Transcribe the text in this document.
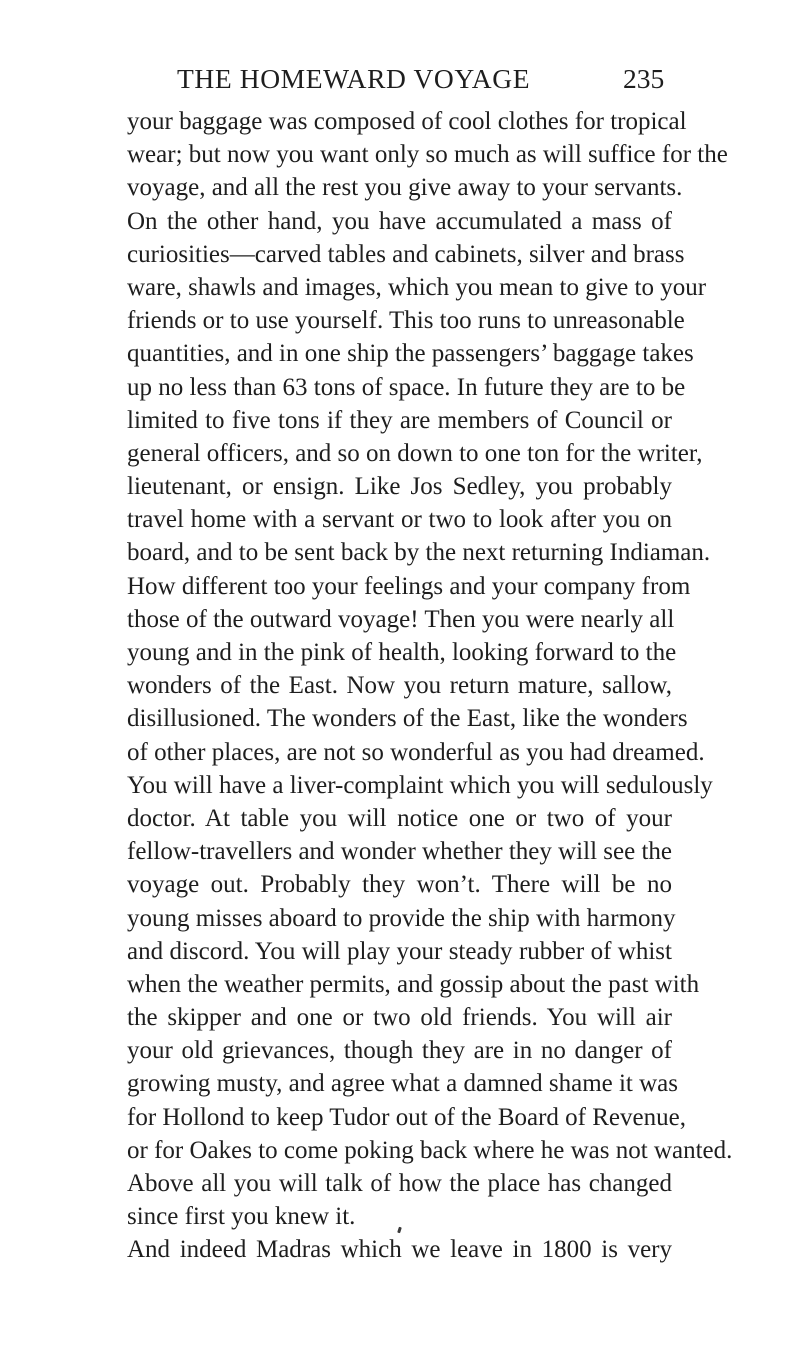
THE HOMEWARD VOYAGE	235
your baggage was composed of cool clothes for tropical
wear; but now you want only so much as will suffice for the
voyage, and all the rest you give away to your servants.
On the other hand, you have accumulated a mass of
curiosities—carved tables and cabinets, silver and brass
ware, shawls and images, which you mean to give to your
friends or to use yourself. This too runs to unreasonable
quantities, and in one ship the passengers’ baggage takes
up no less than 63 tons of space. In future they are to be
limited to five tons if they are members of Council or
general officers, and so on down to one ton for the writer,
lieutenant, or ensign. Like Jos Sedley, you probably
travel home with a servant or two to look after you on
board, and to be sent back by the next returning Indiaman.
How different too your feelings and your company from
those of the outward voyage! Then you were nearly all
young and in the pink of health, looking forward to the
wonders of the East. Now you return mature, sallow,
disillusioned. The wonders of the East, like the wonders
of other places, are not so wonderful as you had dreamed.
You will have a liver-complaint which you will sedulously
doctor. At table you will notice one or two of your
fellow-travellers and wonder whether they will see the
voyage out. Probably they won’t. There will be no
young misses aboard to provide the ship with harmony
and discord. You will play your steady rubber of whist
when the weather permits, and gossip about the past with
the skipper and one or two old friends. You will air
your old grievances, though they are in no danger of
growing musty, and agree what a damned shame it was
for Hollond to keep Tudor out of the Board of Revenue,
or for Oakes to come poking back where he was not wanted.
Above all you will talk of how the place has changed
since first you knew it.
And indeed Madras which we leave in 1800 is very
